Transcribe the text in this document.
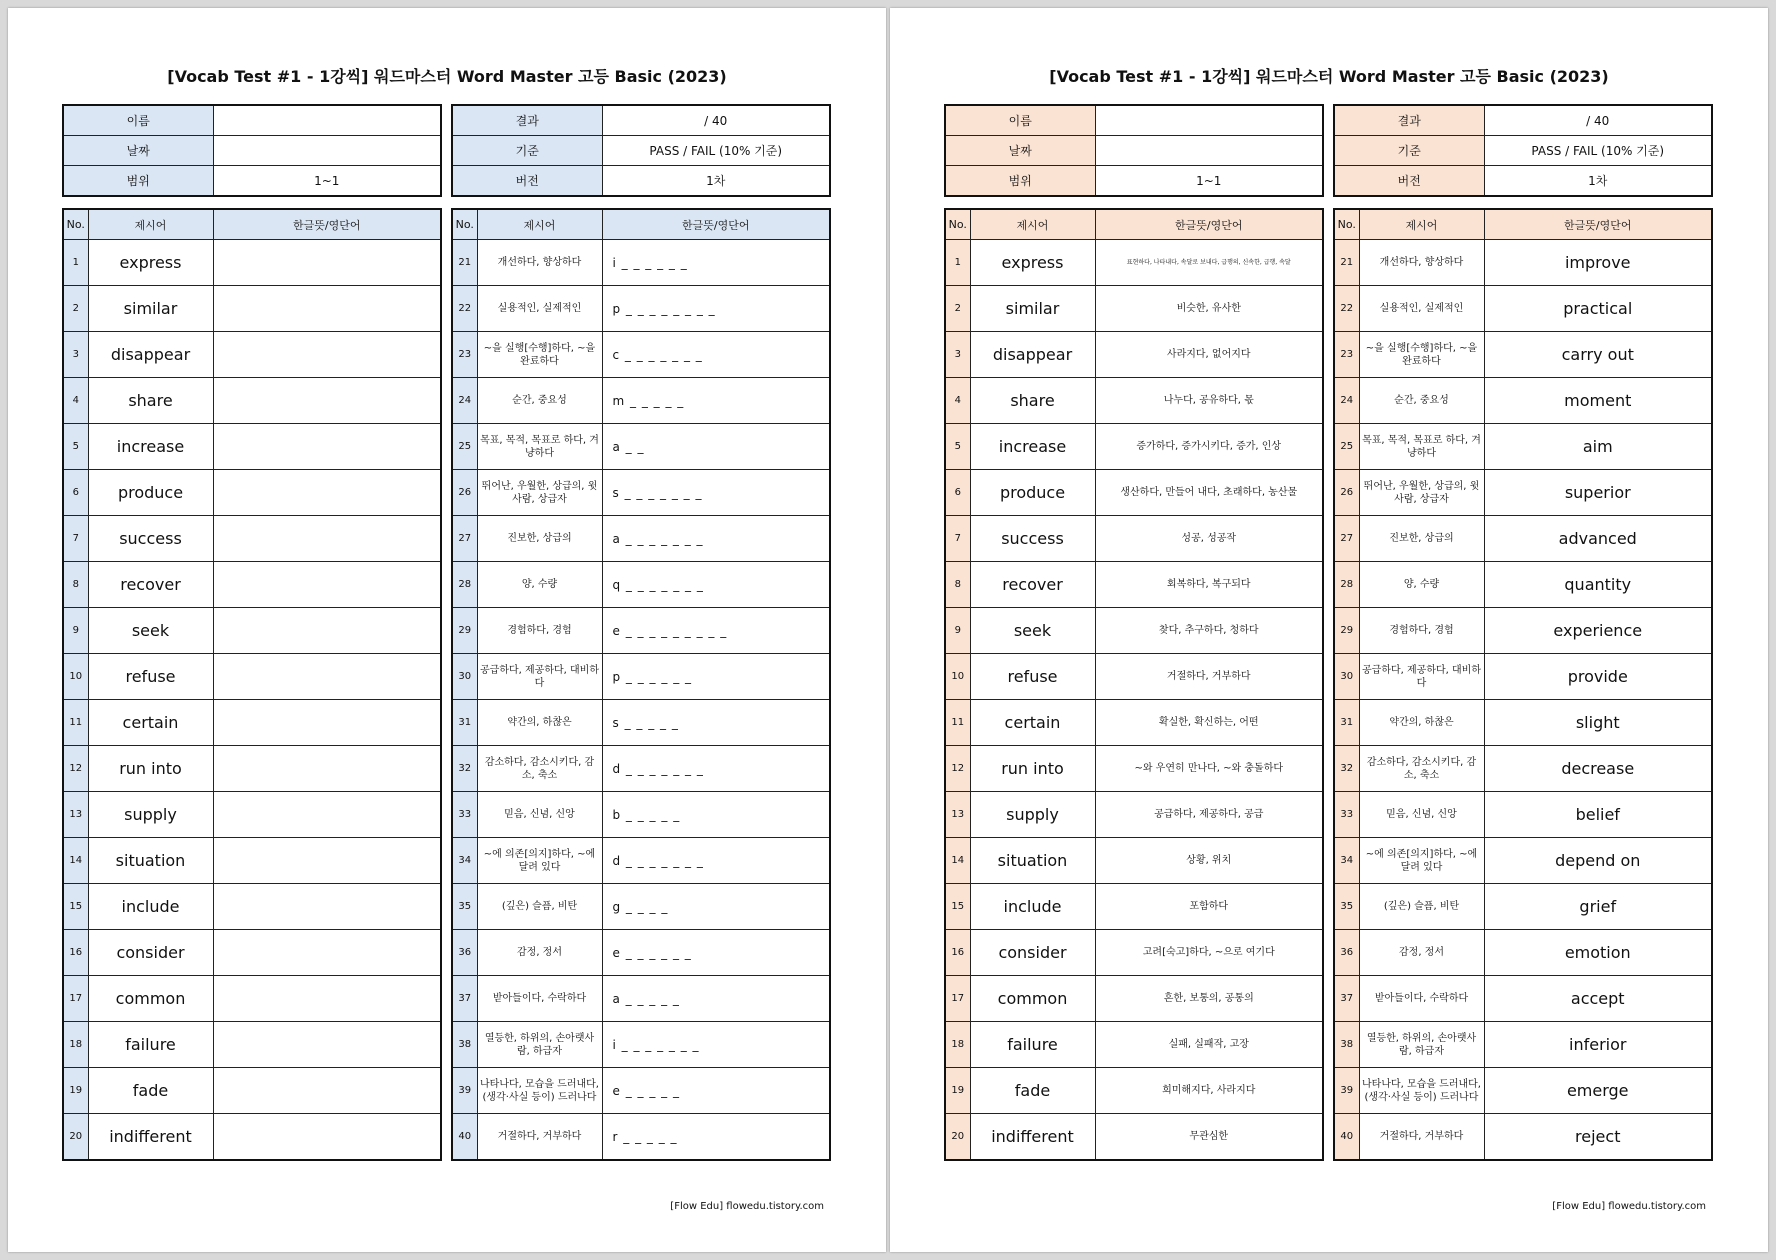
[Vocab Test #1 - 1강씩] 워드마스터 Word Master 고등 Basic (2023)
이름	
날짜	
범위	1~1
결과	/ 40
기준	PASS / FAIL (10% 기준)
버전	1차
No.	제시어	한글뜻/영단어
1	express	
2	similar	
3	disappear	
4	share	
5	increase	
6	produce	
7	success	
8	recover	
9	seek	
10	refuse	
11	certain	
12	run into	
13	supply	
14	situation	
15	include	
16	consider	
17	common	
18	failure	
19	fade	
20	indifferent	
No.	제시어	한글뜻/영단어
21	개선하다, 향상하다	i _ _ _ _ _ _
22	실용적인, 실제적인	p _ _ _ _ _ _ _ _
23	~을 실행[수행]하다, ~을 완료하다	c _ _ _ _ _ _ _
24	순간, 중요성	m _ _ _ _ _
25	목표, 목적, 목표로 하다, 겨냥하다	a _ _
26	뛰어난, 우월한, 상급의, 윗사람, 상급자	s _ _ _ _ _ _ _
27	진보한, 상급의	a _ _ _ _ _ _ _
28	양, 수량	q _ _ _ _ _ _ _
29	경험하다, 경험	e _ _ _ _ _ _ _ _ _
30	공급하다, 제공하다, 대비하다	p _ _ _ _ _ _
31	약간의, 하찮은	s _ _ _ _ _
32	감소하다, 감소시키다, 감소, 축소	d _ _ _ _ _ _ _
33	믿음, 신념, 신앙	b _ _ _ _ _
34	~에 의존[의지]하다, ~에 달려 있다	d _ _ _ _ _ _ _
35	(깊은) 슬픔, 비탄	g _ _ _ _
36	감정, 정서	e _ _ _ _ _ _
37	받아들이다, 수락하다	a _ _ _ _ _
38	열등한, 하위의, 손아랫사람, 하급자	i _ _ _ _ _ _ _
39	나타나다, 모습을 드러내다, (생각·사실 등이) 드러나다	e _ _ _ _ _
40	거절하다, 거부하다	r _ _ _ _ _
[Flow Edu] flowedu.tistory.com
[Vocab Test #1 - 1강씩] 워드마스터 Word Master 고등 Basic (2023)
이름	
날짜	
범위	1~1
결과	/ 40
기준	PASS / FAIL (10% 기준)
버전	1차
No.	제시어	한글뜻/영단어
1	express	표현하다, 나타내다, 속달로 보내다, 급행의, 신속한, 급행, 속달
2	similar	비슷한, 유사한
3	disappear	사라지다, 없어지다
4	share	나누다, 공유하다, 몫
5	increase	증가하다, 증가시키다, 증가, 인상
6	produce	생산하다, 만들어 내다, 초래하다, 농산물
7	success	성공, 성공작
8	recover	회복하다, 복구되다
9	seek	찾다, 추구하다, 청하다
10	refuse	거절하다, 거부하다
11	certain	확실한, 확신하는, 어떤
12	run into	~와 우연히 만나다, ~와 충돌하다
13	supply	공급하다, 제공하다, 공급
14	situation	상황, 위치
15	include	포함하다
16	consider	고려[숙고]하다, ~으로 여기다
17	common	흔한, 보통의, 공통의
18	failure	실패, 실패작, 고장
19	fade	희미해지다, 사라지다
20	indifferent	무관심한
No.	제시어	한글뜻/영단어
21	개선하다, 향상하다	improve
22	실용적인, 실제적인	practical
23	~을 실행[수행]하다, ~을 완료하다	carry out
24	순간, 중요성	moment
25	목표, 목적, 목표로 하다, 겨냥하다	aim
26	뛰어난, 우월한, 상급의, 윗사람, 상급자	superior
27	진보한, 상급의	advanced
28	양, 수량	quantity
29	경험하다, 경험	experience
30	공급하다, 제공하다, 대비하다	provide
31	약간의, 하찮은	slight
32	감소하다, 감소시키다, 감소, 축소	decrease
33	믿음, 신념, 신앙	belief
34	~에 의존[의지]하다, ~에 달려 있다	depend on
35	(깊은) 슬픔, 비탄	grief
36	감정, 정서	emotion
37	받아들이다, 수락하다	accept
38	열등한, 하위의, 손아랫사람, 하급자	inferior
39	나타나다, 모습을 드러내다, (생각·사실 등이) 드러나다	emerge
40	거절하다, 거부하다	reject
[Flow Edu] flowedu.tistory.com
